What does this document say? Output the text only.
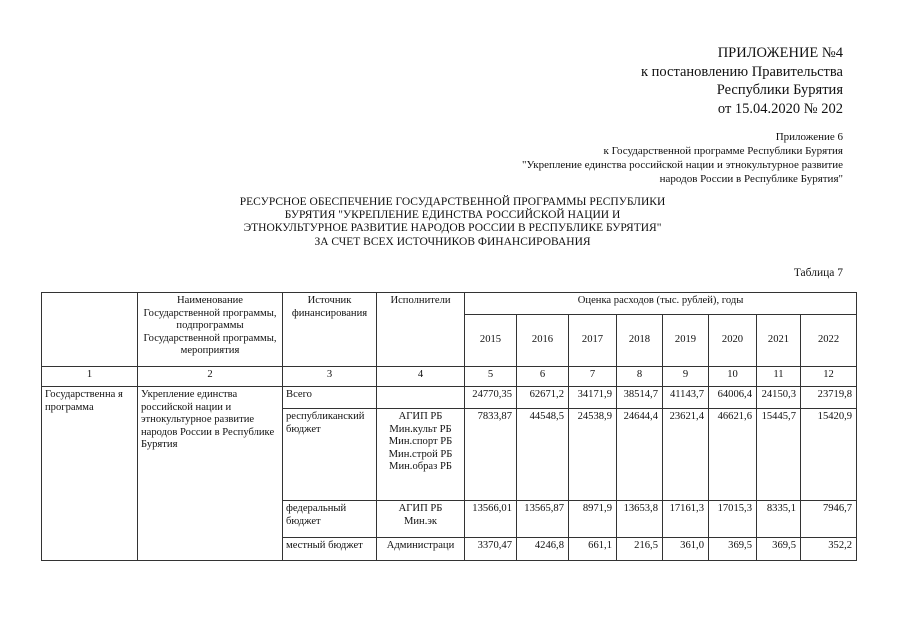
ПРИЛОЖЕНИЕ №4
к постановлению Правительства
Республики Бурятия
от 15.04.2020 № 202
Приложение 6
к Государственной программе Республики Бурятия
"Укрепление единства российской нации и этнокультурное развитие
народов России в Республике Бурятия"
РЕСУРСНОЕ ОБЕСПЕЧЕНИЕ ГОСУДАРСТВЕННОЙ ПРОГРАММЫ РЕСПУБЛИКИ
БУРЯТИЯ "УКРЕПЛЕНИЕ ЕДИНСТВА РОССИЙСКОЙ НАЦИИ И
ЭТНОКУЛЬТУРНОЕ РАЗВИТИЕ НАРОДОВ РОССИИ В РЕСПУБЛИКЕ БУРЯТИЯ"
ЗА СЧЕТ ВСЕХ ИСТОЧНИКОВ ФИНАНСИРОВАНИЯ
Таблица 7
	Наименование Государственной программы, подпрограммы Государственной программы, мероприятия	Источник финансирования	Исполнители	Оценка расходов (тыс. рублей), годы							
				2015	2016	2017	2018	2019	2020	2021	2022
1	2	3	4	5	6	7	8	9	10	11	12
Государственна я программа	Укрепление единства российской нации и этнокультурное развитие народов России в Республике Бурятия	Всего		24770,35	62671,2	34171,9	38514,7	41143,7	64006,4	24150,3	23719,8
		республиканский бюджет	АГИП РБ
Мин.культ РБ
Мин.спорт РБ
Мин.строй РБ
Мин.образ РБ	7833,87	44548,5	24538,9	24644,4	23621,4	46621,6	15445,7	15420,9
		федеральный бюджет	АГИП РБ
Мин.эк	13566,01	13565,87	8971,9	13653,8	17161,3	17015,3	8335,1	7946,7
		местный бюджет	Администраци	3370,47	4246,8	661,1	216,5	361,0	369,5	369,5	352,2
